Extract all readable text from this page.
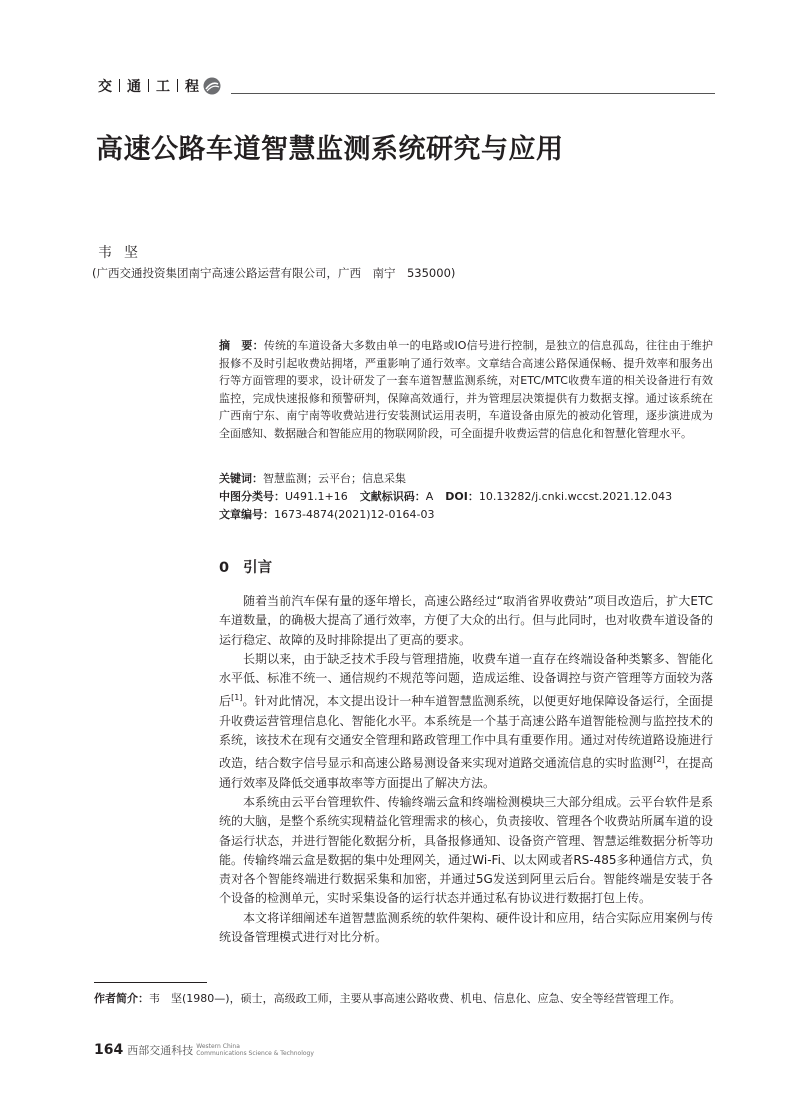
交 通 工 程
高速公路车道智慧监测系统研究与应用
韦坚
(广西交通投资集团南宁高速公路运营有限公司，广西　南宁　535000)
摘　要：传统的车道设备大多数由单一的电路或IO信号进行控制，是独立的信息孤岛，往往由于维护报修不及时引起收费站拥堵，严重影响了通行效率。文章结合高速公路保通保畅、提升效率和服务出行等方面管理的要求，设计研发了一套车道智慧监测系统，对ETC/MTC收费车道的相关设备进行有效监控，完成快速报修和预警研判，保障高效通行，并为管理层决策提供有力数据支撑。通过该系统在广西南宁东、南宁南等收费站进行安装测试运用表明，车道设备由原先的被动化管理，逐步演进成为全面感知、数据融合和智能应用的物联网阶段，可全面提升收费运营的信息化和智慧化管理水平。
关键词：智慧监测；云平台；信息采集
中图分类号：U491.1+16 文献标识码：A DOI：10.13282/j.cnki.wccst.2021.12.043
文章编号：1673-4874(2021)12-0164-03
0 引言

随着当前汽车保有量的逐年增长，高速公路经过“取消省界收费站”项目改造后，扩大ETC车道数量，的确极大提高了通行效率，方便了大众的出行。但与此同时，也对收费车道设备的运行稳定、故障的及时排除提出了更高的要求。

长期以来，由于缺乏技术手段与管理措施，收费车道一直存在终端设备种类繁多、智能化水平低、标准不统一、通信规约不规范等问题，造成运维、设备调控与资产管理等方面较为落后[1]。针对此情况，本文提出设计一种车道智慧监测系统，以便更好地保障设备运行，全面提升收费运营管理信息化、智能化水平。本系统是一个基于高速公路车道智能检测与监控技术的系统，该技术在现有交通安全管理和路政管理工作中具有重要作用。通过对传统道路设施进行改造，结合数字信号显示和高速公路易测设备来实现对道路交通流信息的实时监测[2]，在提高通行效率及降低交通事故率等方面提出了解决方法。

本系统由云平台管理软件、传输终端云盒和终端检测模块三大部分组成。云平台软件是系统的大脑，是整个系统实现精益化管理需求的核心，负责接收、管理各个收费站所属车道的设备运行状态，并进行智能化数据分析，具备报修通知、设备资产管理、智慧运维数据分析等功能。传输终端云盒是数据的集中处理网关，通过Wi-Fi、以太网或者RS-485多种通信方式，负责对各个智能终端进行数据采集和加密，并通过5G发送到阿里云后台。智能终端是安装于各个设备的检测单元，实时采集设备的运行状态并通过私有协议进行数据打包上传。

本文将详细阐述车道智慧监测系统的软件架构、硬件设计和应用，结合实际应用案例与传统设备管理模式进行对比分析。

作者简介：韦　坚(1980—)，硕士，高级政工师，主要从事高速公路收费、机电、信息化、应急、安全等经营管理工作。
164 西部交通科技 Western China
Communications Science & Technology
